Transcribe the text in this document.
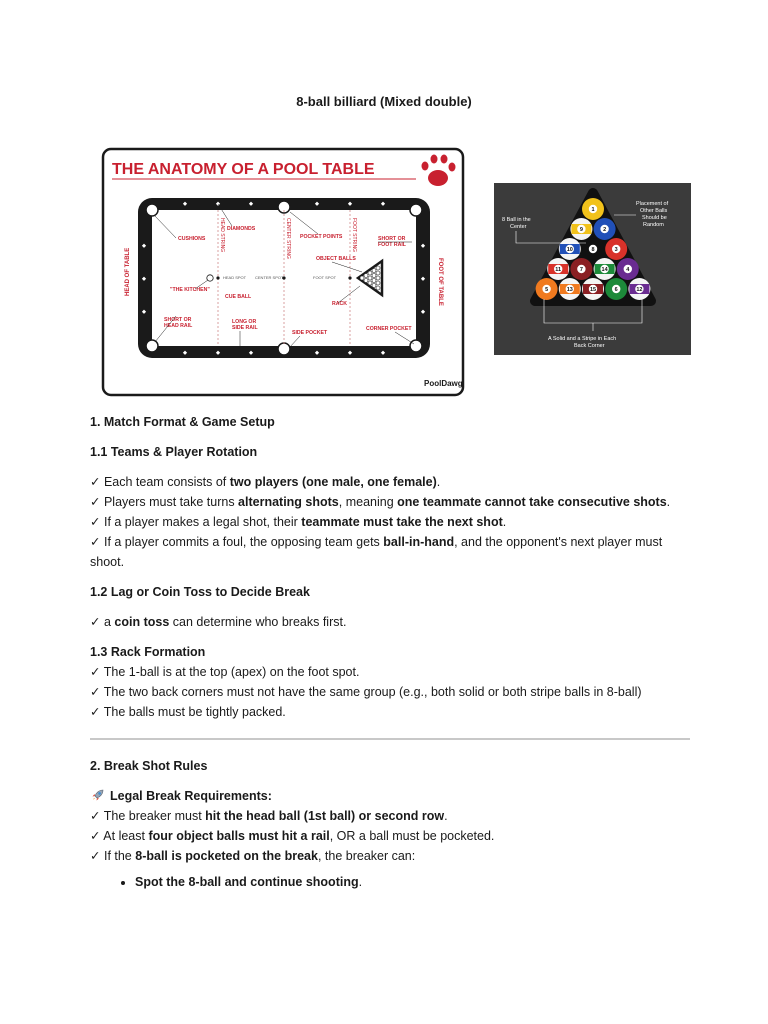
8-ball billiard (Mixed double)
THE ANATOMY OF A POOL TABLE
HEAD STRING	CENTER STRING	FOOT STRING
HEAD OF TABLE	FOOT OF TABLE
CUSHIONS
DIAMONDS
POCKET POINTS	SHORT OR
FOOT RAIL
"THE KITCHEN"
HEAD SPOT CENTER SPOT	FOOT SPOT
OBJECT BALLS
CUE BALL
RACK
SHORT OR
HEAD RAIL
LONG OR
SIDE RAIL
SIDE POCKET
CORNER POCKET
PoolDawg
1
9	2
10	8	3
11	7	14	4
5	13	15	6	12
8 Ball in the
Center
Placement of
Other Balls
Should be
Random
A Solid and a Stripe in Each
Back Corner
1. Match Format & Game Setup
1.1 Teams & Player Rotation
✓ Each team consists of two players (one male, one female).
✓ Players must take turns alternating shots, meaning one teammate cannot take consecutive shots.
✓ If a player makes a legal shot, their teammate must take the next shot.
✓ If a player commits a foul, the opposing team gets ball-in-hand, and the opponent's next player must shoot.
1.2 Lag or Coin Toss to Decide Break
✓ a coin toss can determine who breaks first.
1.3 Rack Formation
✓ The 1-ball is at the top (apex) on the foot spot.
✓ The two back corners must not have the same group (e.g., both solid or both stripe balls in 8-ball)
✓ The balls must be tightly packed.
2. Break Shot Rules
Legal Break Requirements:
✓ The breaker must hit the head ball (1st ball) or second row.
✓ At least four object balls must hit a rail, OR a ball must be pocketed.
✓ If the 8-ball is pocketed on the break, the breaker can:
• Spot the 8-ball and continue shooting.
